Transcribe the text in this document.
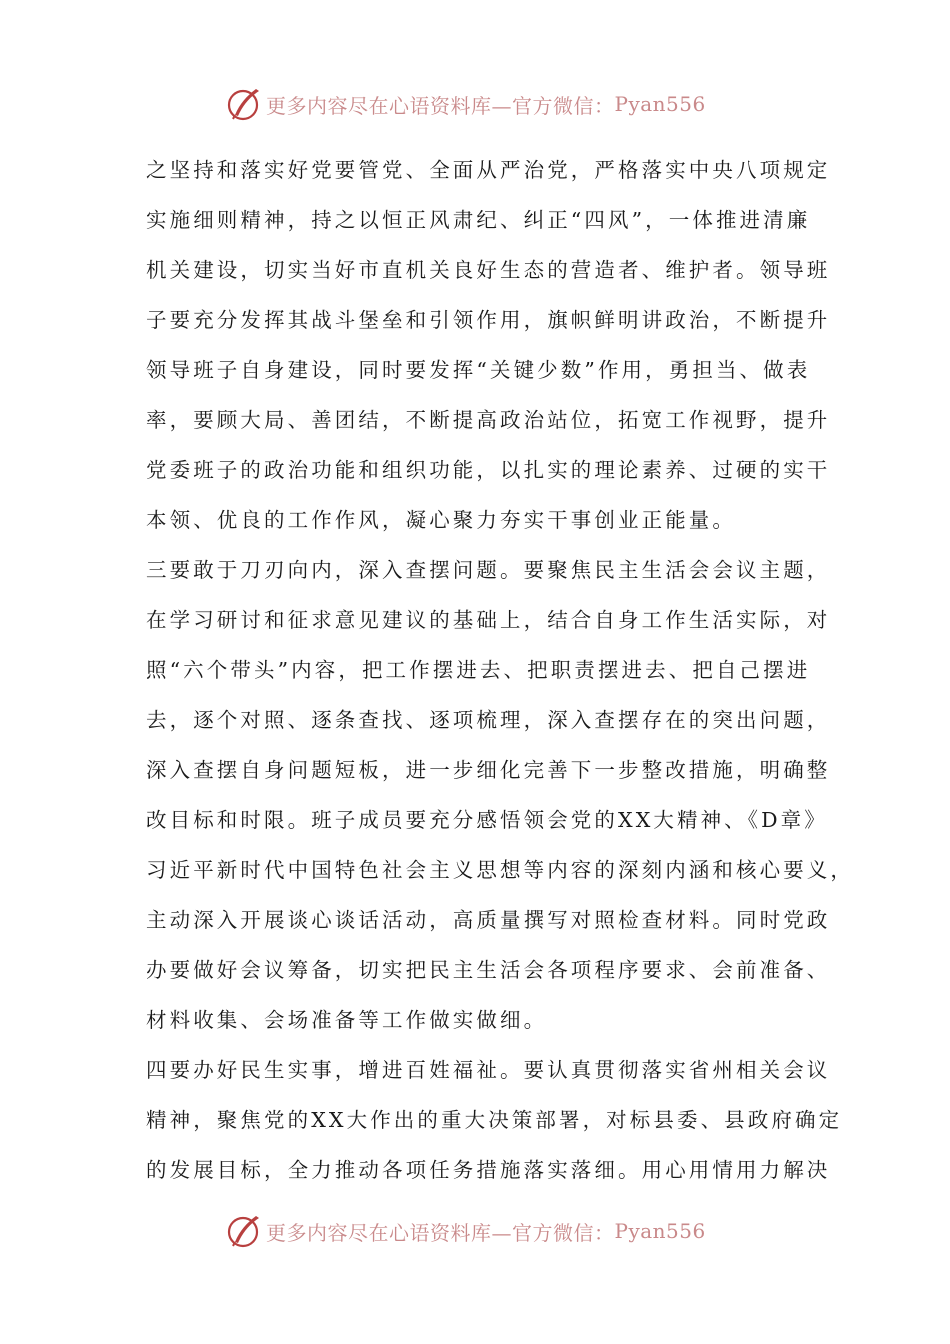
更多内容尽在心语资料库—官方微信： Pyan556
之坚持和落实好党要管党、全面从严治党，严格落实中央八项规定
实施细则精神，持之以恒正风肃纪、纠正“四风”，一体推进清廉
机关建设，切实当好市直机关良好生态的营造者、维护者。领导班
子要充分发挥其战斗堡垒和引领作用，旗帜鲜明讲政治，不断提升
领导班子自身建设，同时要发挥“关键少数”作用，勇担当、做表
率，要顾大局、善团结，不断提高政治站位，拓宽工作视野，提升
党委班子的政治功能和组织功能，以扎实的理论素养、过硬的实干
本领、优良的工作作风，凝心聚力夯实干事创业正能量。
三要敢于刀刃向内，深入查摆问题。要聚焦民主生活会会议主题，
在学习研讨和征求意见建议的基础上，结合自身工作生活实际，对
照“六个带头”内容，把工作摆进去、把职责摆进去、把自己摆进
去，逐个对照、逐条查找、逐项梳理，深入查摆存在的突出问题，
深入查摆自身问题短板，进一步细化完善下一步整改措施，明确整
改目标和时限。班子成员要充分感悟领会党的XX大精神、《D章》
习近平新时代中国特色社会主义思想等内容的深刻内涵和核心要义，
主动深入开展谈心谈话活动，高质量撰写对照检查材料。同时党政
办要做好会议筹备，切实把民主生活会各项程序要求、会前准备、
材料收集、会场准备等工作做实做细。
四要办好民生实事，增进百姓福祉。要认真贯彻落实省州相关会议
精神，聚焦党的XX大作出的重大决策部署，对标县委、县政府确定
的发展目标，全力推动各项任务措施落实落细。用心用情用力解决
更多内容尽在心语资料库—官方微信： Pyan556
